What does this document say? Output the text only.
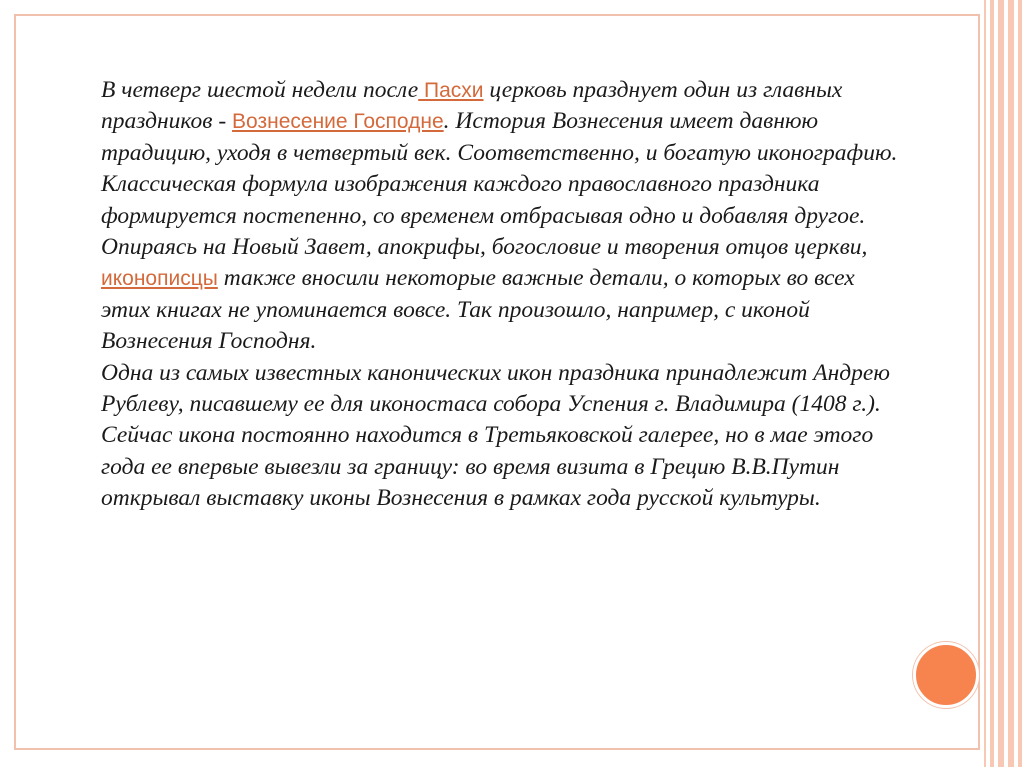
В четверг шестой недели после Пасхи церковь празднует один из главных праздников - Вознесение Господне. История Вознесения имеет давнюю традицию, уходя в четвертый век. Соответственно, и богатую иконографию. Классическая формула изображения каждого православного праздника формируется постепенно, со временем отбрасывая одно и добавляя другое.

Опираясь на Новый Завет, апокрифы, богословие и творения отцов церкви, иконописцы также вносили некоторые важные детали, о которых во всех этих книгах не упоминается вовсе. Так произошло, например, с иконой Вознесения Господня.

Одна из самых известных канонических икон праздника принадлежит Андрею Рублеву, писавшему ее для иконостаса собора Успения г. Владимира (1408 г.). Сейчас икона постоянно находится в Третьяковской галерее, но в мае этого года ее впервые вывезли за границу: во время визита в Грецию В.В.Путин открывал выставку иконы Вознесения в рамках года русской культуры.
